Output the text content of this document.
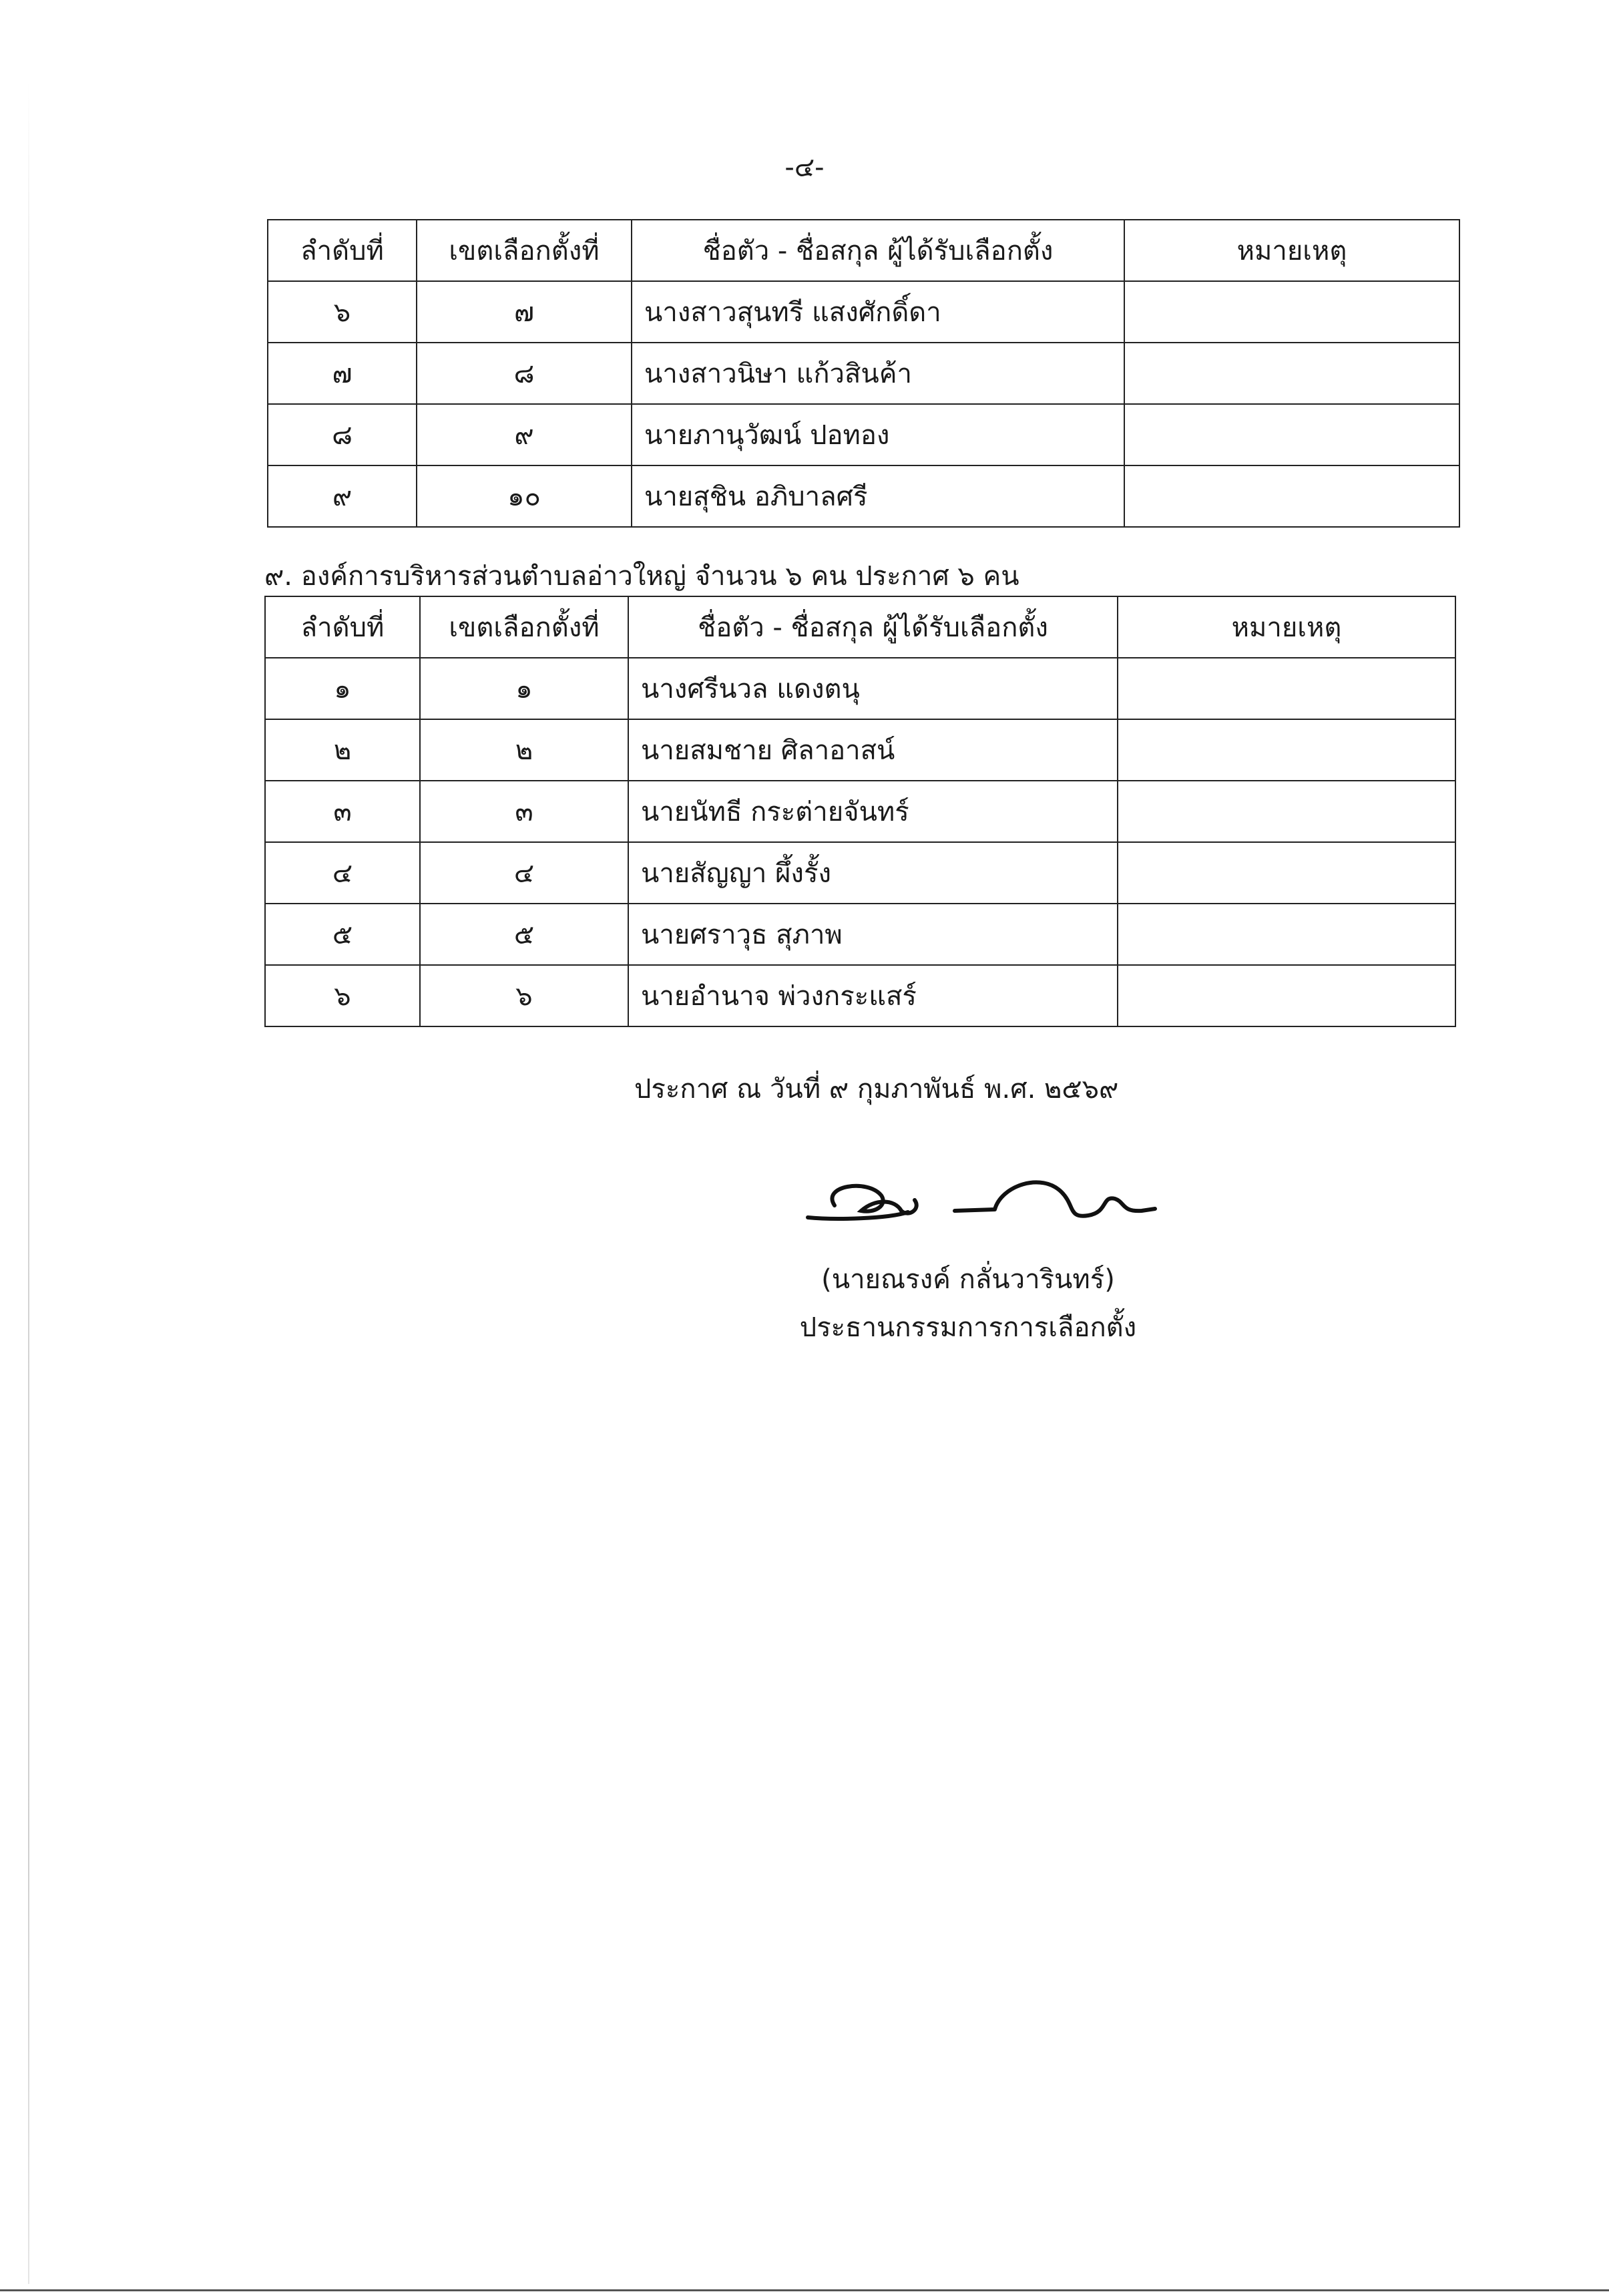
-๔-
ลำดับที่	เขตเลือกตั้งที่	ชื่อตัว - ชื่อสกุล ผู้ได้รับเลือกตั้ง	หมายเหตุ
๖	๗	นางสาวสุนทรี แสงศักดิ์ดา	
๗	๘	นางสาวนิษา แก้วสินค้า	
๘	๙	นายภานุวัฒน์ ปอทอง	
๙	๑๐	นายสุชิน อภิบาลศรี	
๙. องค์การบริหารส่วนตำบลอ่าวใหญ่ จำนวน ๖ คน ประกาศ ๖ คน
ลำดับที่	เขตเลือกตั้งที่	ชื่อตัว - ชื่อสกุล ผู้ได้รับเลือกตั้ง	หมายเหตุ
๑	๑	นางศรีนวล แดงตนุ	
๒	๒	นายสมชาย ศิลาอาสน์	
๓	๓	นายนัทธี กระต่ายจันทร์	
๔	๔	นายสัญญา ผึ้งรั้ง	
๕	๕	นายศราวุธ สุภาพ	
๖	๖	นายอำนาจ พ่วงกระแสร์	
ประกาศ ณ วันที่ ๙ กุมภาพันธ์ พ.ศ. ๒๕๖๙
(นายณรงค์ กลั่นวารินทร์)
ประธานกรรมการการเลือกตั้ง
